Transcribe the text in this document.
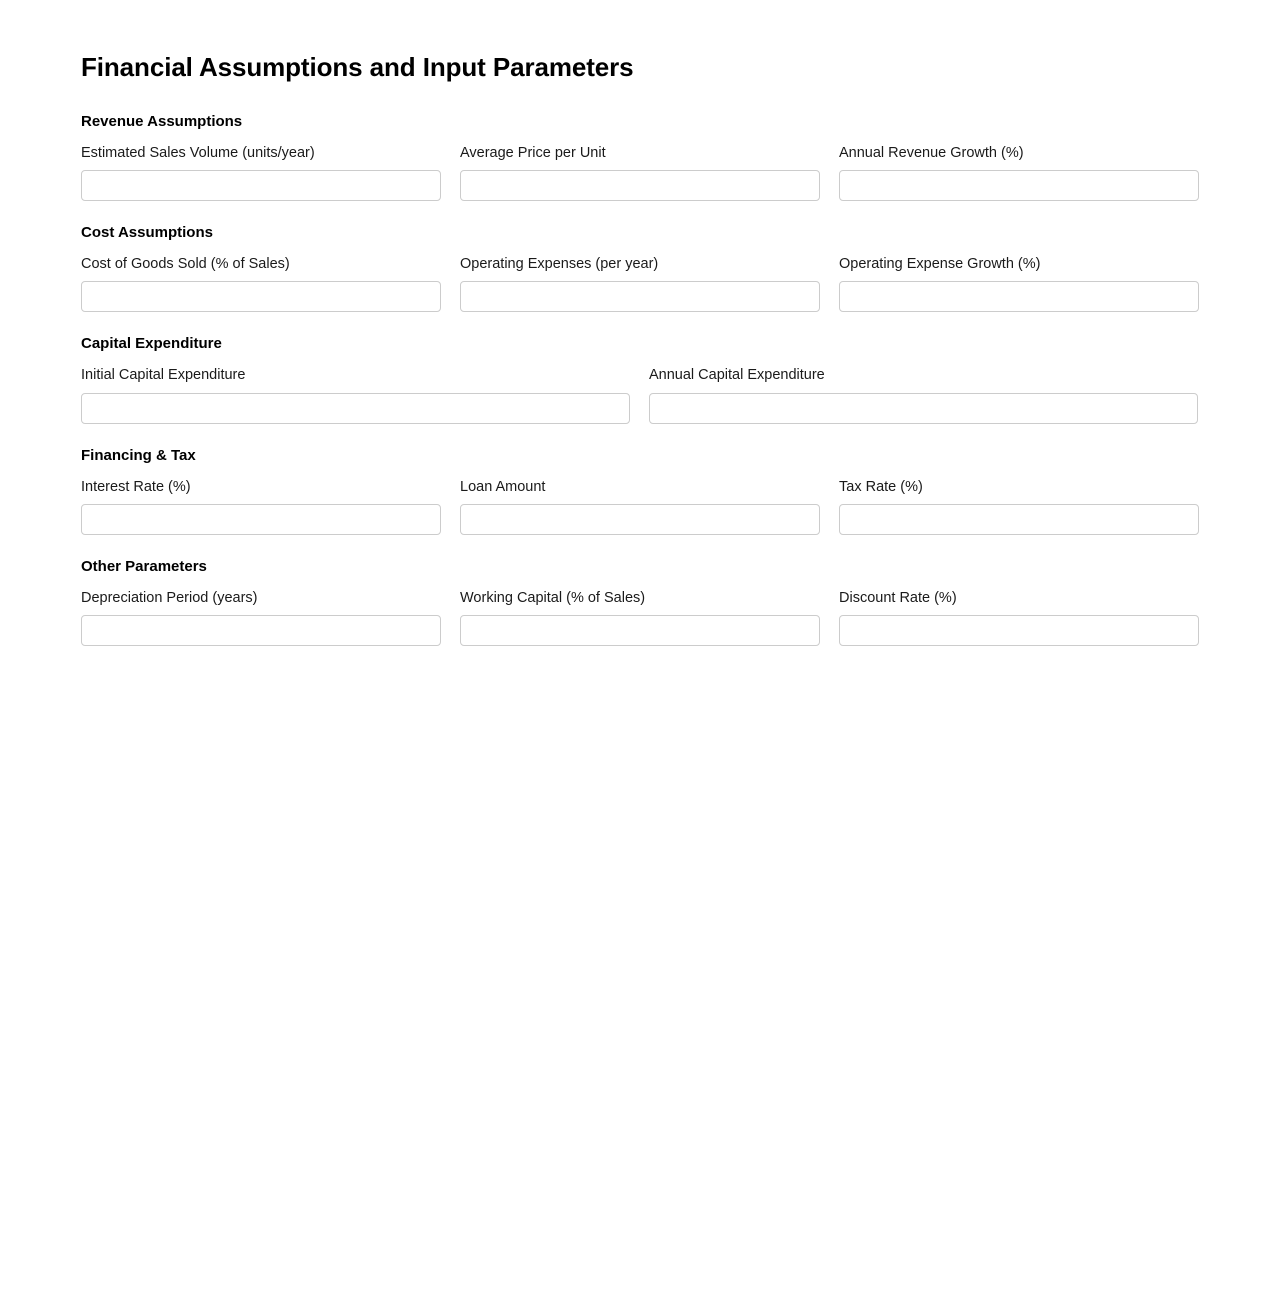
Financial Assumptions and Input Parameters
Revenue Assumptions
Estimated Sales Volume (units/year)	Average Price per Unit	Annual Revenue Growth (%)
Cost Assumptions
Cost of Goods Sold (% of Sales)	Operating Expenses (per year)	Operating Expense Growth (%)
Capital Expenditure
Initial Capital Expenditure	Annual Capital Expenditure
Financing & Tax
Interest Rate (%)	Loan Amount	Tax Rate (%)
Other Parameters
Depreciation Period (years)	Working Capital (% of Sales)	Discount Rate (%)
